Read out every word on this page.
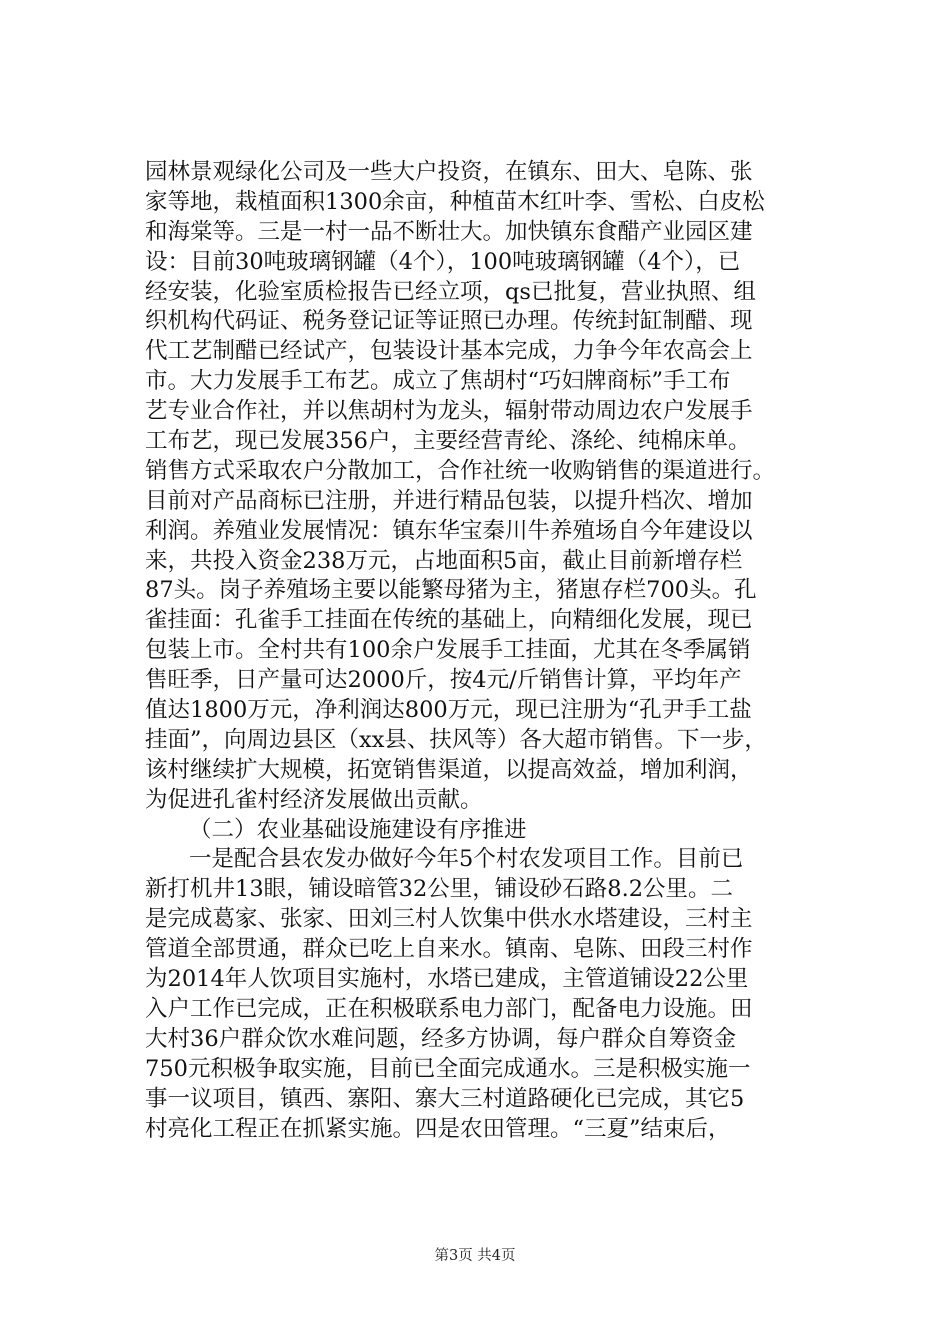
园林景观绿化公司及一些大户投资，在镇东、田大、皂陈、张
家等地，栽植面积1300余亩，种植苗木红叶李、雪松、白皮松
和海棠等。三是一村一品不断壮大。加快镇东食醋产业园区建
设：目前30吨玻璃钢罐（4个），100吨玻璃钢罐（4个），已
经安装，化验室质检报告已经立项，qs已批复，营业执照、组
织机构代码证、税务登记证等证照已办理。传统封缸制醋、现
代工艺制醋已经试产，包装设计基本完成，力争今年农高会上
市。大力发展手工布艺。成立了焦胡村“巧妇牌商标”手工布
艺专业合作社，并以焦胡村为龙头，辐射带动周边农户发展手
工布艺，现已发展356户，主要经营青纶、涤纶、纯棉床单。
销售方式采取农户分散加工，合作社统一收购销售的渠道进行。
目前对产品商标已注册，并进行精品包装，以提升档次、增加
利润。养殖业发展情况：镇东华宝秦川牛养殖场自今年建设以
来，共投入资金238万元，占地面积5亩，截止目前新增存栏
87头。岗子养殖场主要以能繁母猪为主，猪崽存栏700头。孔
雀挂面：孔雀手工挂面在传统的基础上，向精细化发展，现已
包装上市。全村共有100余户发展手工挂面，尤其在冬季属销
售旺季，日产量可达2000斤，按4元/斤销售计算，平均年产
值达1800万元，净利润达800万元，现已注册为“孔尹手工盐
挂面”，向周边县区（xx县、扶风等）各大超市销售。下一步，
该村继续扩大规模，拓宽销售渠道，以提高效益，增加利润，
为促进孔雀村经济发展做出贡献。
（二）农业基础设施建设有序推进
一是配合县农发办做好今年5个村农发项目工作。目前已
新打机井13眼，铺设暗管32公里，铺设砂石路8.2公里。二
是完成葛家、张家、田刘三村人饮集中供水水塔建设，三村主
管道全部贯通，群众已吃上自来水。镇南、皂陈、田段三村作
为2014年人饮项目实施村，水塔已建成，主管道铺设22公里
入户工作已完成，正在积极联系电力部门，配备电力设施。田
大村36户群众饮水难问题，经多方协调，每户群众自筹资金
750元积极争取实施，目前已全面完成通水。三是积极实施一
事一议项目，镇西、寨阳、寨大三村道路硬化已完成，其它5
村亮化工程正在抓紧实施。四是农田管理。“三夏”结束后，
第3页 共4页
